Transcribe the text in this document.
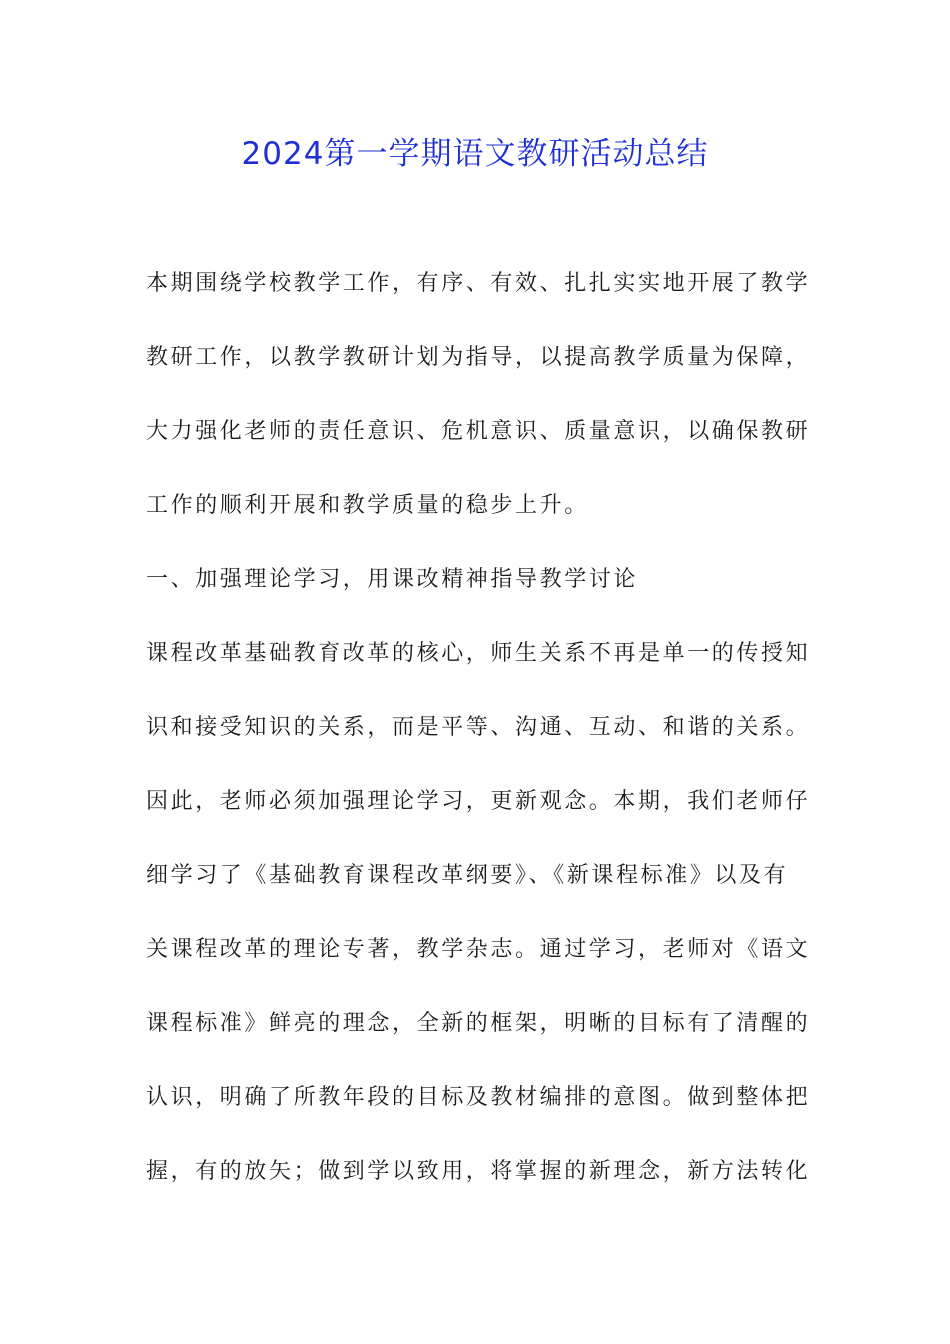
2024第一学期语文教研活动总结
本期围绕学校教学工作，有序、有效、扎扎实实地开展了教学
教研工作，以教学教研计划为指导，以提高教学质量为保障，
大力强化老师的责任意识、危机意识、质量意识，以确保教研
工作的顺利开展和教学质量的稳步上升。
一、加强理论学习，用课改精神指导教学讨论
课程改革基础教育改革的核心，师生关系不再是单一的传授知
识和接受知识的关系，而是平等、沟通、互动、和谐的关系。
因此，老师必须加强理论学习，更新观念。本期，我们老师仔
细学习了《基础教育课程改革纲要》、《新课程标准》以及有
关课程改革的理论专著，教学杂志。通过学习，老师对《语文
课程标准》鲜亮的理念，全新的框架，明晰的目标有了清醒的
认识，明确了所教年段的目标及教材编排的意图。做到整体把
握，有的放矢；做到学以致用，将掌握的新理念，新方法转化
